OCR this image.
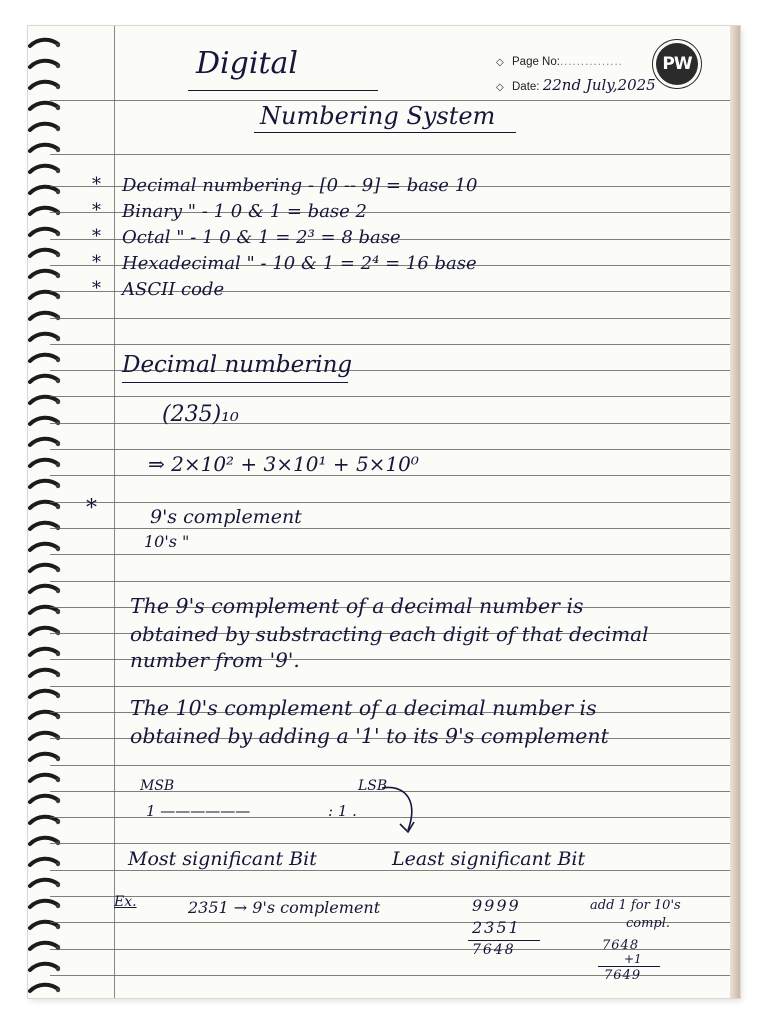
◇ Page No:...............
◇ Date: 22nd July,2025
PW
Digital
Numbering System
* Decimal numbering - [0 -- 9] = base 10
* Binary " - 1 0 & 1 = base 2
* Octal " - 1 0 & 1 = 2³ = 8 base
* Hexadecimal " - 10 & 1 = 2⁴ = 16 base
* ASCII code
Decimal numbering
(235)₁₀
⇒ 2×10² + 3×10¹ + 5×10⁰
*	9's complement
10's "
The 9's complement of a decimal number is
obtained by substracting each digit of that decimal
number from '9'.
The 10's complement of a decimal number is
obtained by adding a '1' to its 9's complement
MSB	LSB
1 ——————	: 1 .
Most significant Bit	Least significant Bit
Ex.	2351 → 9's complement	9999
2351
7648
add 1 for 10's
compl.
7648
+1
7649
